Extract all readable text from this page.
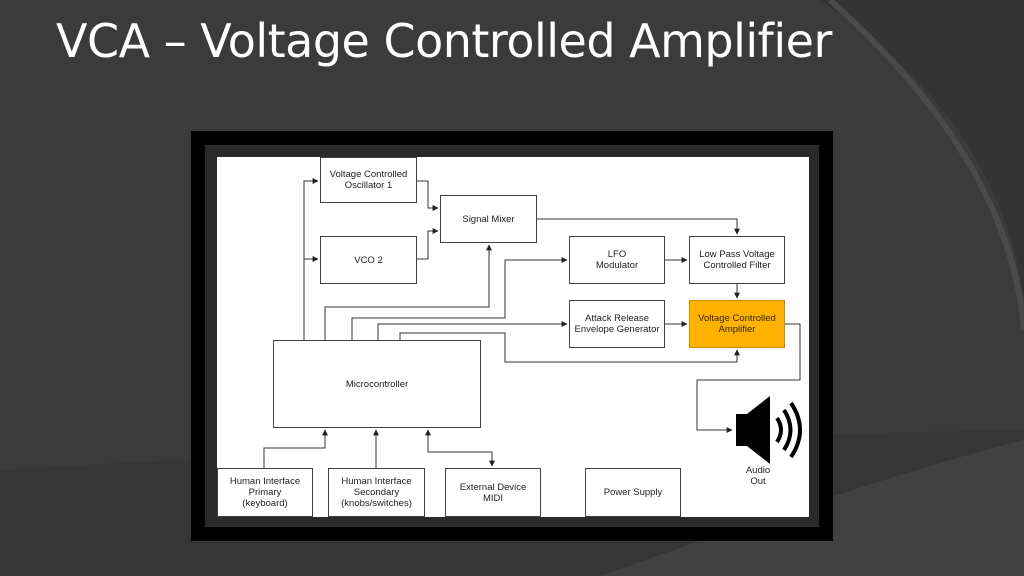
VCA – Voltage Controlled Amplifier
Voltage Controlled
Oscillator 1
VCO 2
Signal Mixer
LFO
Modulator
Low Pass Voltage
Controlled Filter
Attack Release
Envelope Generator
Voltage Controlled
Amplifier
Microcontroller
Human Interface
Primary
(keyboard)
Human Interface
Secondary
(knobs/switches)
External Device
MIDI	Power Supply
Audio
Out
